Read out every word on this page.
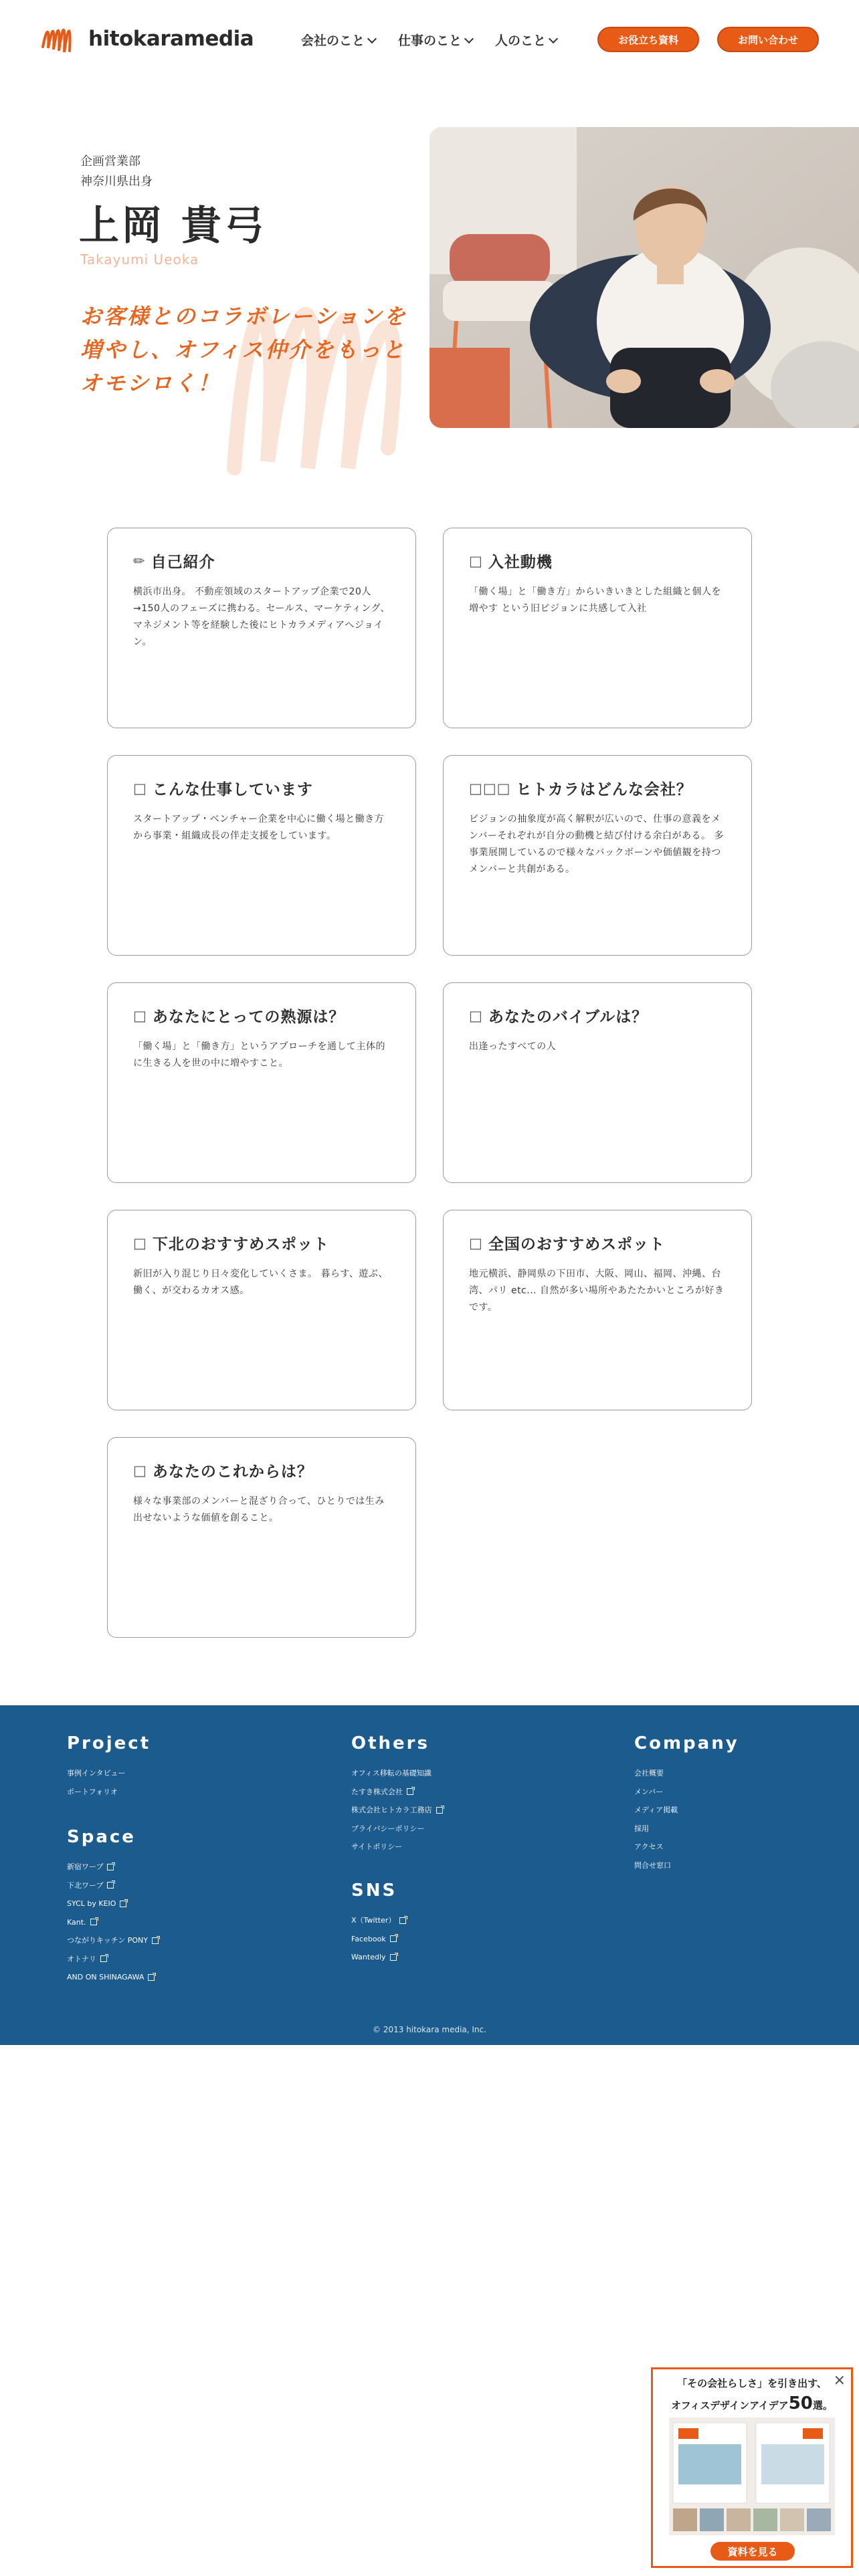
hitokaramedia	会社のこと	仕事のこと	人のこと	お役立ち資料	お問い合わせ
企画営業部
神奈川県出身
上岡 貴弓
Takayumi Ueoka
お客様とのコラボレーションを増やし、オフィス仲介をもっとオモシロく！
✏ 自己紹介
横浜市出身。 不動産領域のスタートアップ企業で20人→150人のフェーズに携わる。セールス、マーケティング、マネジメント等を経験した後にヒトカラメディアへジョイン。
□ 入社動機
「働く場」と「働き方」からいきいきとした組織と個人を増やす という旧ビジョンに共感して入社
□ こんな仕事しています
スタートアップ・ベンチャー企業を中心に働く場と働き方から事業・組織成長の伴走支援をしています。
□□□ ヒトカラはどんな会社？
ビジョンの抽象度が高く解釈が広いので、仕事の意義をメンバーそれぞれが自分の動機と結び付ける余白がある。 多事業展開しているので様々なバックボーンや価値観を持つメンバーと共創がある。
□ あなたにとっての熟源は？
「働く場」と「働き方」というアプローチを通して主体的に生きる人を世の中に増やすこと。
□ あなたのバイブルは？
出逢ったすべての人
□ 下北のおすすめスポット
新旧が入り混じり日々変化していくさま。 暮らす、遊ぶ、働く、が交わるカオス感。
□ 全国のおすすめスポット
地元横浜、静岡県の下田市、大阪、岡山、福岡、沖縄、台湾、パリ etc... 自然が多い場所やあたたかいところが好きです。
□ あなたのこれからは？
様々な事業部のメンバーと混ざり合って、ひとりでは生み出せないような価値を創ること。
Project
事例インタビュー
ポートフォリオ
Space
新宿ワープ
下北ワープ
SYCL by KEIO
Kant.
つながりキッチン PONY
オトナリ
AND ON SHINAGAWA
Others
オフィス移転の基礎知識
たすき株式会社
株式会社ヒトカラ工務店
プライバシーポリシー
サイトポリシー
SNS
X（Twitter）
Facebook
Wantedly
Company
会社概要
メンバー
メディア掲載
採用
アクセス
問合せ窓口
© 2013 hitokara media, Inc.
×
「その会社らしさ」を引き出す、
オフィスデザインアイデア50選。
資料を見る
